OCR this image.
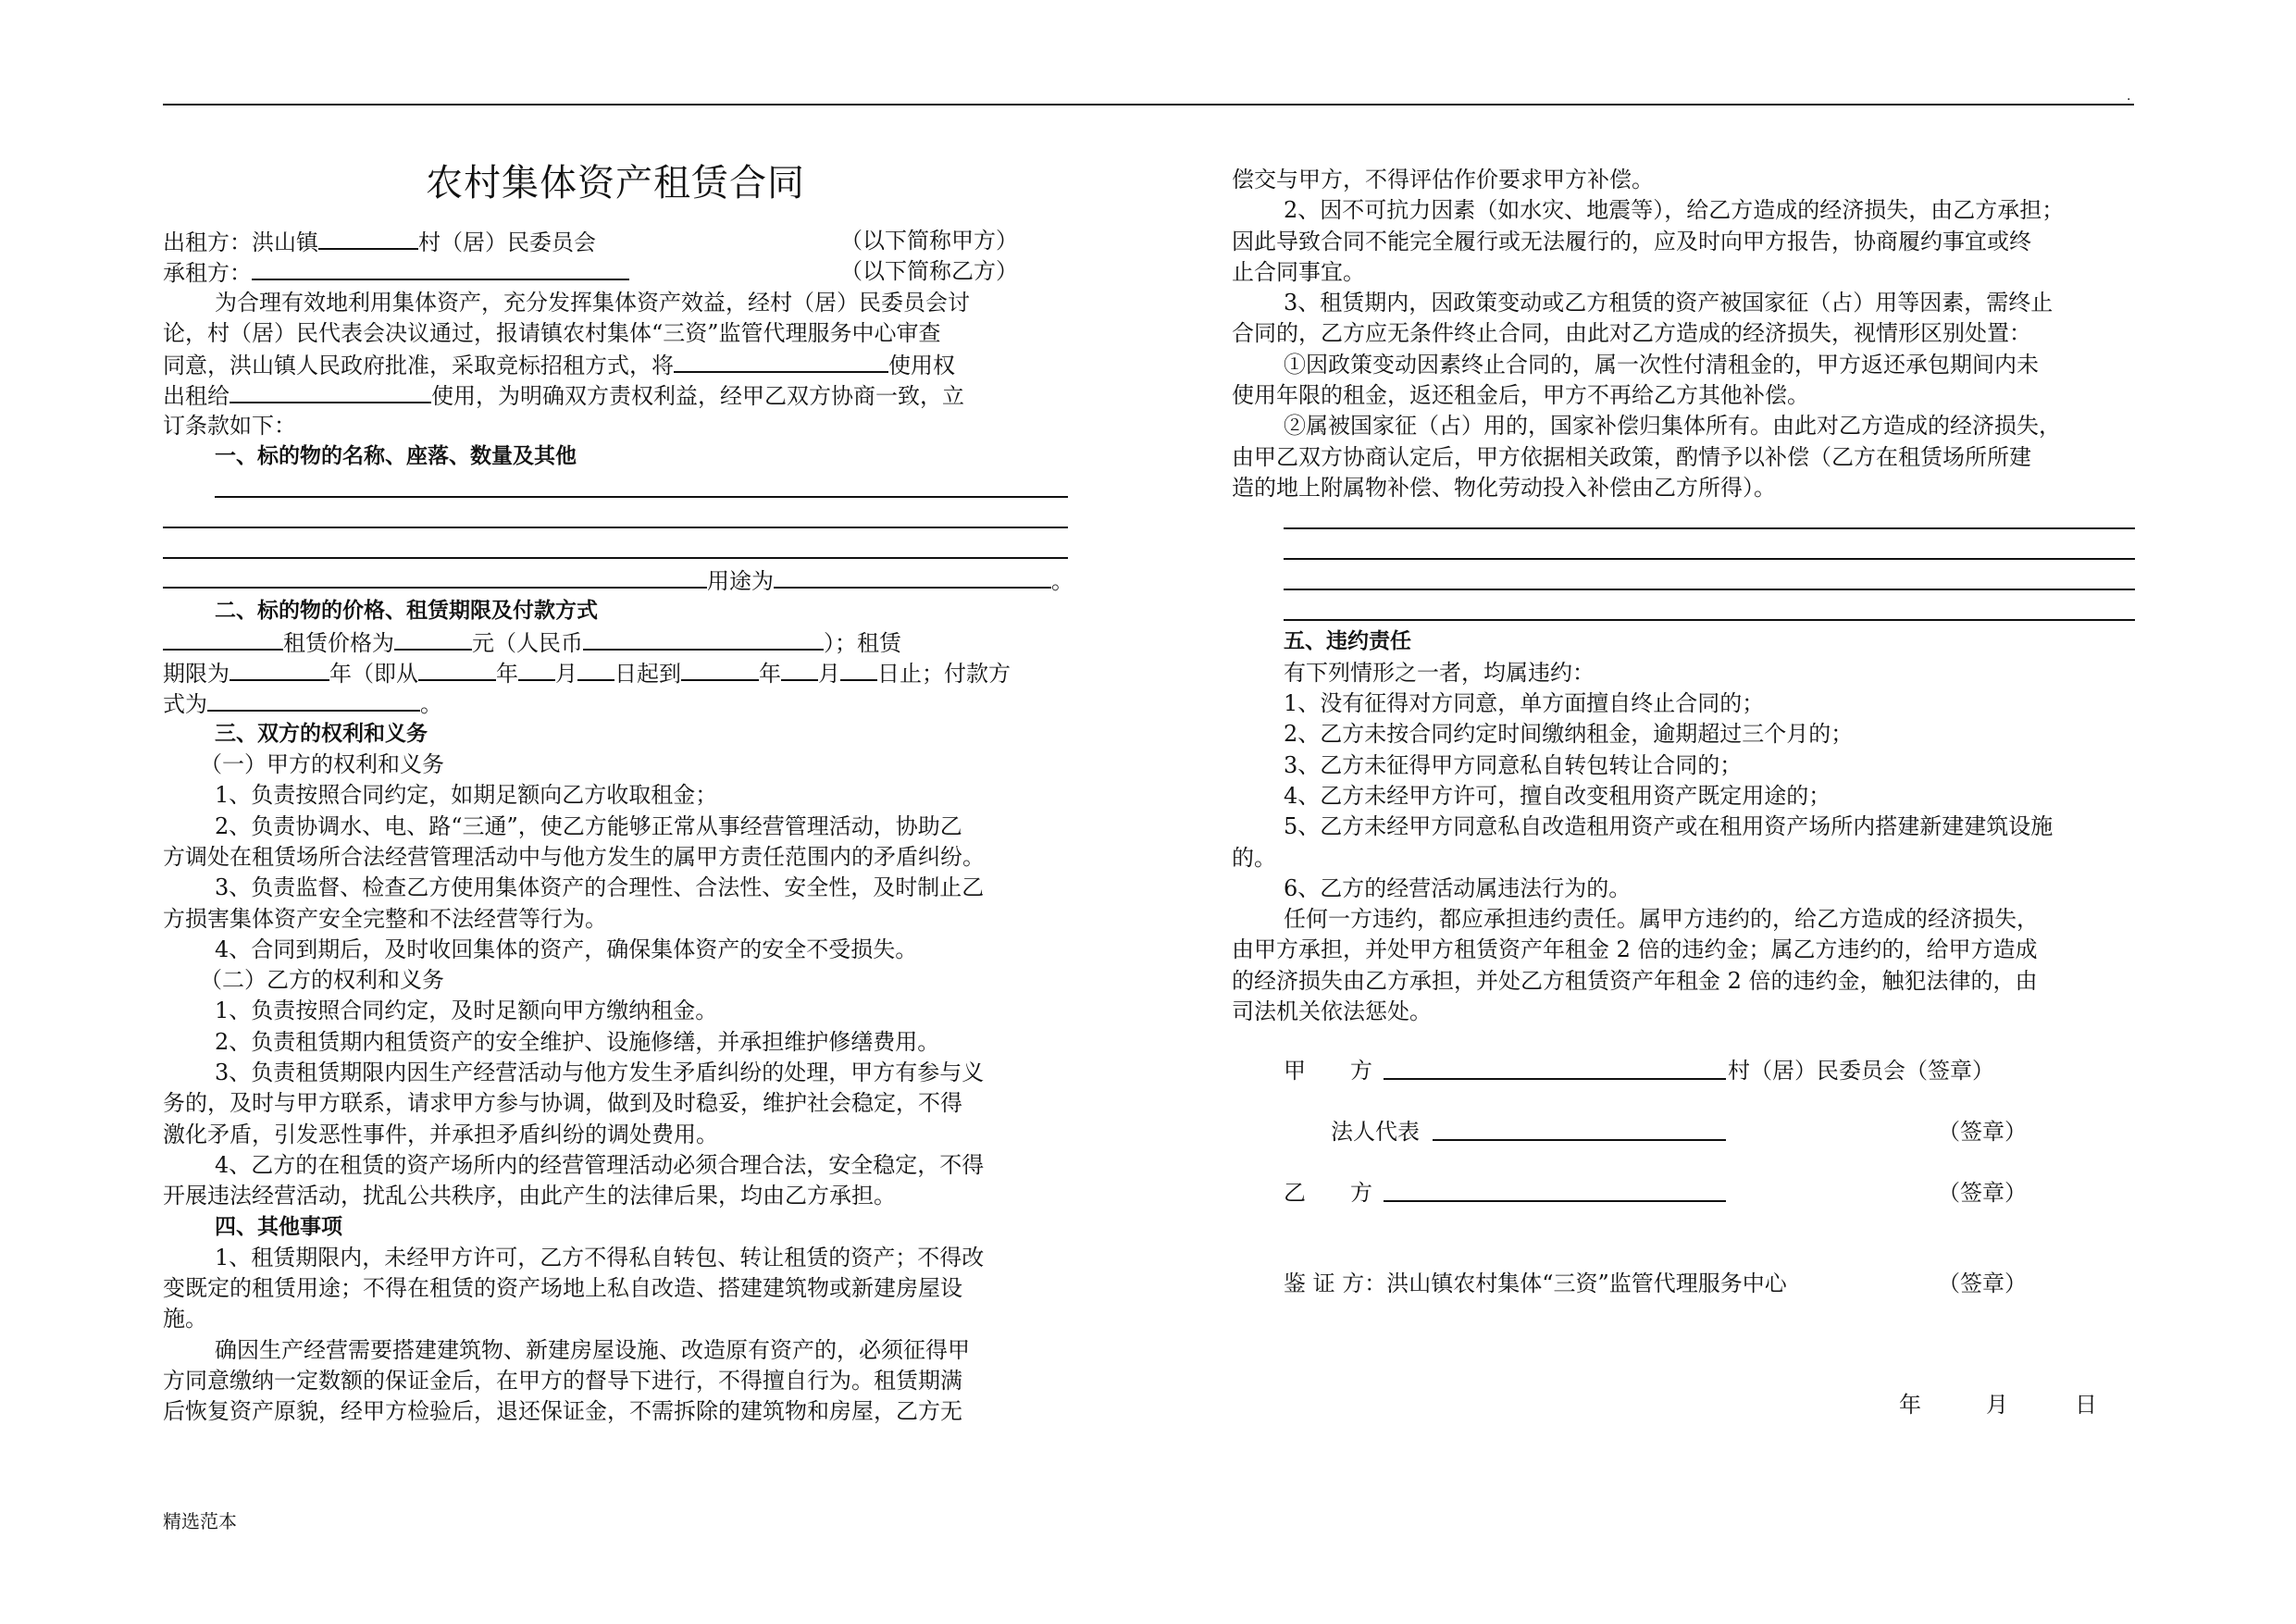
.
农村集体资产租赁合同
出租方：洪山镇	村（居）民委员会	（以下简称甲方）
承租方：	（以下简称乙方）
为合理有效地利用集体资产，充分发挥集体资产效益，经村（居）民委员会讨
论，村（居）民代表会决议通过，报请镇农村集体“三资”监管代理服务中心审查
同意，洪山镇人民政府批准，采取竞标招租方式，将	使用权
出租给	使用，为明确双方责权利益，经甲乙双方协商一致，立
订条款如下：
一、标的物的名称、座落、数量及其他
用途为	。
二、标的物的价格、租赁期限及付款方式
租赁价格为	元（人民币	）；租赁
期限为	年（即从	年 月 日起到	年 月 日止；付款方
式为	。
三、双方的权利和义务
（一）甲方的权利和义务
1、负责按照合同约定，如期足额向乙方收取租金；
2、负责协调水、电、路“三通”，使乙方能够正常从事经营管理活动，协助乙
方调处在租赁场所合法经营管理活动中与他方发生的属甲方责任范围内的矛盾纠纷。
3、负责监督、检查乙方使用集体资产的合理性、合法性、安全性，及时制止乙
方损害集体资产安全完整和不法经营等行为。
4、合同到期后，及时收回集体的资产，确保集体资产的安全不受损失。
（二）乙方的权利和义务
1、负责按照合同约定，及时足额向甲方缴纳租金。
2、负责租赁期内租赁资产的安全维护、设施修缮，并承担维护修缮费用。
3、负责租赁期限内因生产经营活动与他方发生矛盾纠纷的处理，甲方有参与义
务的，及时与甲方联系，请求甲方参与协调，做到及时稳妥，维护社会稳定，不得
激化矛盾，引发恶性事件，并承担矛盾纠纷的调处费用。
4、乙方的在租赁的资产场所内的经营管理活动必须合理合法，安全稳定，不得
开展违法经营活动，扰乱公共秩序，由此产生的法律后果，均由乙方承担。
四、其他事项
1、租赁期限内，未经甲方许可，乙方不得私自转包、转让租赁的资产；不得改
变既定的租赁用途；不得在租赁的资产场地上私自改造、搭建建筑物或新建房屋设
施。
确因生产经营需要搭建建筑物、新建房屋设施、改造原有资产的，必须征得甲
方同意缴纳一定数额的保证金后，在甲方的督导下进行，不得擅自行为。租赁期满
后恢复资产原貌，经甲方检验后，退还保证金，不需拆除的建筑物和房屋，乙方无
偿交与甲方，不得评估作价要求甲方补偿。
2、因不可抗力因素（如水灾、地震等），给乙方造成的经济损失，由乙方承担；
因此导致合同不能完全履行或无法履行的，应及时向甲方报告，协商履约事宜或终
止合同事宜。
3、租赁期内，因政策变动或乙方租赁的资产被国家征（占）用等因素，需终止
合同的，乙方应无条件终止合同，由此对乙方造成的经济损失，视情形区别处置：
①因政策变动因素终止合同的，属一次性付清租金的，甲方返还承包期间内未
使用年限的租金，返还租金后，甲方不再给乙方其他补偿。
②属被国家征（占）用的，国家补偿归集体所有。由此对乙方造成的经济损失，
由甲乙双方协商认定后，甲方依据相关政策，酌情予以补偿（乙方在租赁场所所建
造的地上附属物补偿、物化劳动投入补偿由乙方所得）。
五、违约责任
有下列情形之一者，均属违约：
1、没有征得对方同意，单方面擅自终止合同的；
2、乙方未按合同约定时间缴纳租金，逾期超过三个月的；
3、乙方未征得甲方同意私自转包转让合同的；
4、乙方未经甲方许可，擅自改变租用资产既定用途的；
5、乙方未经甲方同意私自改造租用资产或在租用资产场所内搭建新建建筑设施
的。
6、乙方的经营活动属违法行为的。
任何一方违约，都应承担违约责任。属甲方违约的，给乙方造成的经济损失，
由甲方承担，并处甲方租赁资产年租金 2 倍的违约金；属乙方违约的，给甲方造成
的经济损失由乙方承担，并处乙方租赁资产年租金 2 倍的违约金，触犯法律的，由
司法机关依法惩处。
甲　　方	村（居）民委员会（签章）
法人代表	（签章）
乙　　方	（签章）
鉴 证 方：洪山镇农村集体“三资”监管代理服务中心	（签章）
年	月	日
精选范本
